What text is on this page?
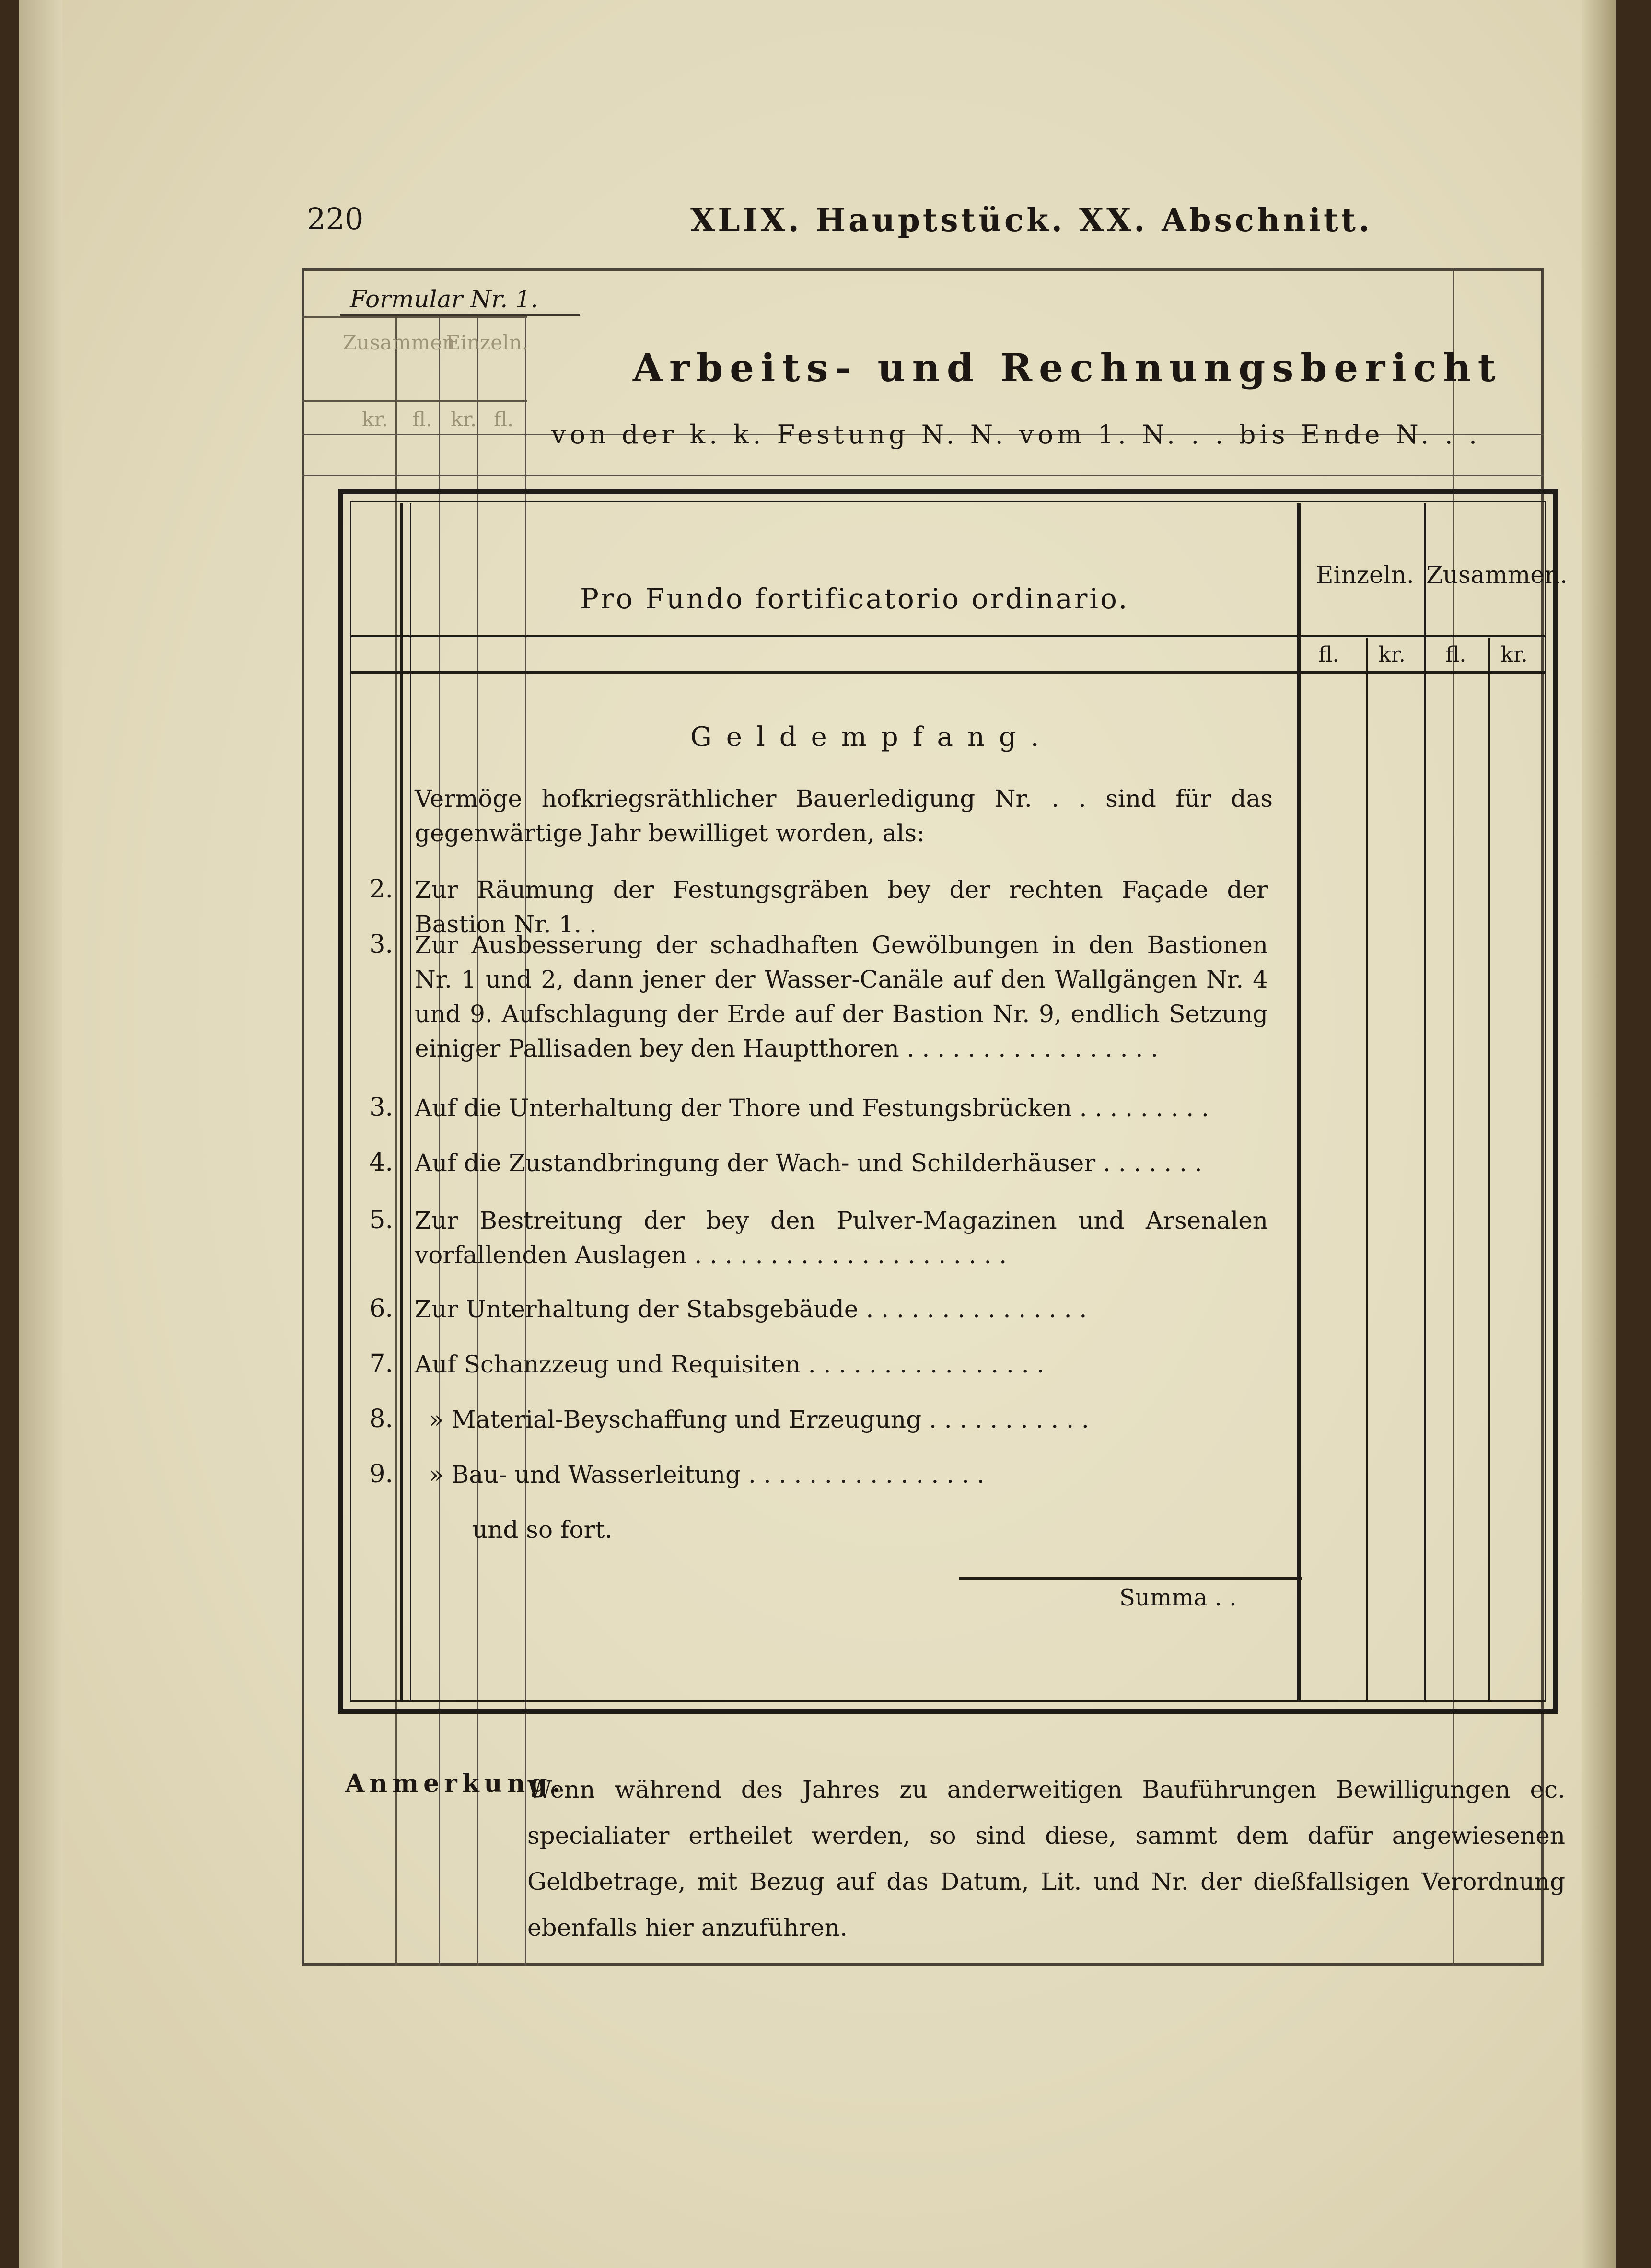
220	XLIX. Hauptstück. XX. Abschnitt.
Zusammen
Einzeln.
kr. fl. kr. fl.
Formular Nr. 1.
Arbeits- und Rechnungsbericht
von der k. k. Festung N. N. vom 1. N. . . bis Ende N. . .
Pro Fundo fortificatorio ordinario.
Einzeln. Zusammen.
fl. kr. fl. kr.
Geldempfang.
Vermöge hofkriegsräthlicher Bauerledigung Nr. . . sind für das gegenwärtige Jahr bewilliget worden, als:
2. Zur Räumung der Festungsgräben bey der rechten Façade der Bastion Nr. 1. .
3. Zur Ausbesserung der schadhaften Gewölbungen in den Bastionen Nr. 1 und 2, dann jener der Wasser-Canäle auf den Wallgängen Nr. 4 und 9. Aufschlagung der Erde auf der Bastion Nr. 9, endlich Setzung einiger Pallisaden bey den Hauptthoren . . . . . . . . . . . . . . . . .
3. Auf die Unterhaltung der Thore und Festungsbrücken . . . . . . . . .
4. Auf die Zustandbringung der Wach- und Schilderhäuser . . . . . . .
5. Zur Bestreitung der bey den Pulver-Magazinen und Arsenalen vorfallenden Auslagen . . . . . . . . . . . . . . . . . . . . .
6. Zur Unterhaltung der Stabsgebäude . . . . . . . . . . . . . . .
7. Auf Schanzzeug und Requisiten . . . . . . . . . . . . . . . .
8. » Material-Beyschaffung und Erzeugung . . . . . . . . . . .
9. » Bau- und Wasserleitung . . . . . . . . . . . . . . . .
und so fort.
Summa . .
Anmerkung.
Wenn während des Jahres zu anderweitigen Bauführungen Bewilligungen ec. specialiater ertheilet werden, so sind diese, sammt dem dafür angewiesenen Geldbetrage, mit Bezug auf das Datum, Lit. und Nr. der dießfallsigen Verordnung ebenfalls hier anzuführen.
